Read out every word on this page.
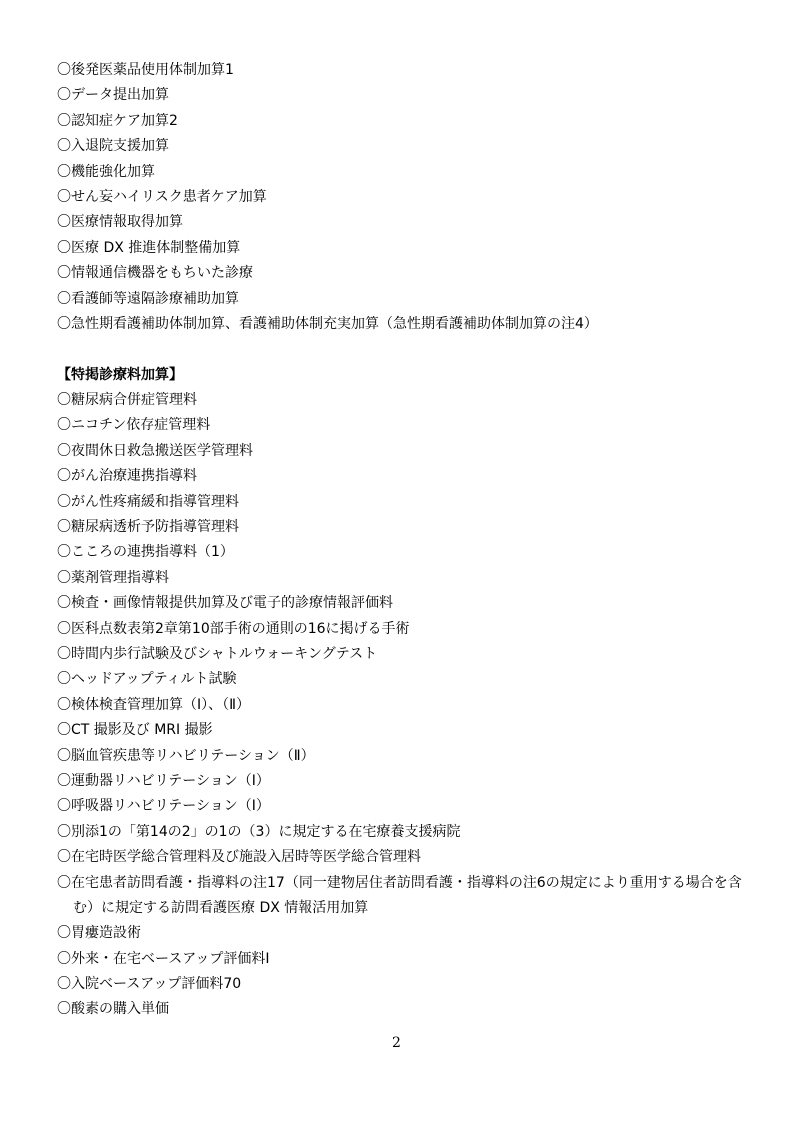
〇後発医薬品使用体制加算1
〇データ提出加算
〇認知症ケア加算2
〇入退院支援加算
〇機能強化加算
〇せん妄ハイリスク患者ケア加算
〇医療情報取得加算
〇医療 DX 推進体制整備加算
〇情報通信機器をもちいた診療
〇看護師等遠隔診療補助加算
〇急性期看護補助体制加算、看護補助体制充実加算（急性期看護補助体制加算の注4）
【特掲診療料加算】
〇糖尿病合併症管理料
〇ニコチン依存症管理料
〇夜間休日救急搬送医学管理料
〇がん治療連携指導料
〇がん性疼痛緩和指導管理料
〇糖尿病透析予防指導管理料
〇こころの連携指導料（1）
〇薬剤管理指導料
〇検査・画像情報提供加算及び電子的診療情報評価料
〇医科点数表第2章第10部手術の通則の16に掲げる手術
〇時間内歩行試験及びシャトルウォーキングテスト
〇ヘッドアップティルト試験
〇検体検査管理加算（Ⅰ）、（Ⅱ）
〇CT 撮影及び MRI 撮影
〇脳血管疾患等リハビリテーション（Ⅱ）
〇運動器リハビリテーション（Ⅰ）
〇呼吸器リハビリテーション（Ⅰ）
〇別添1の「第14の2」の1の（3）に規定する在宅療養支援病院
〇在宅時医学総合管理料及び施設入居時等医学総合管理料
〇在宅患者訪問看護・指導料の注17（同一建物居住者訪問看護・指導料の注6の規定により重用する場合を含む）に規定する訪問看護医療 DX 情報活用加算
〇胃瘻造設術
〇外来・在宅ベースアップ評価料Ⅰ
〇入院ベースアップ評価料70
〇酸素の購入単価
2
